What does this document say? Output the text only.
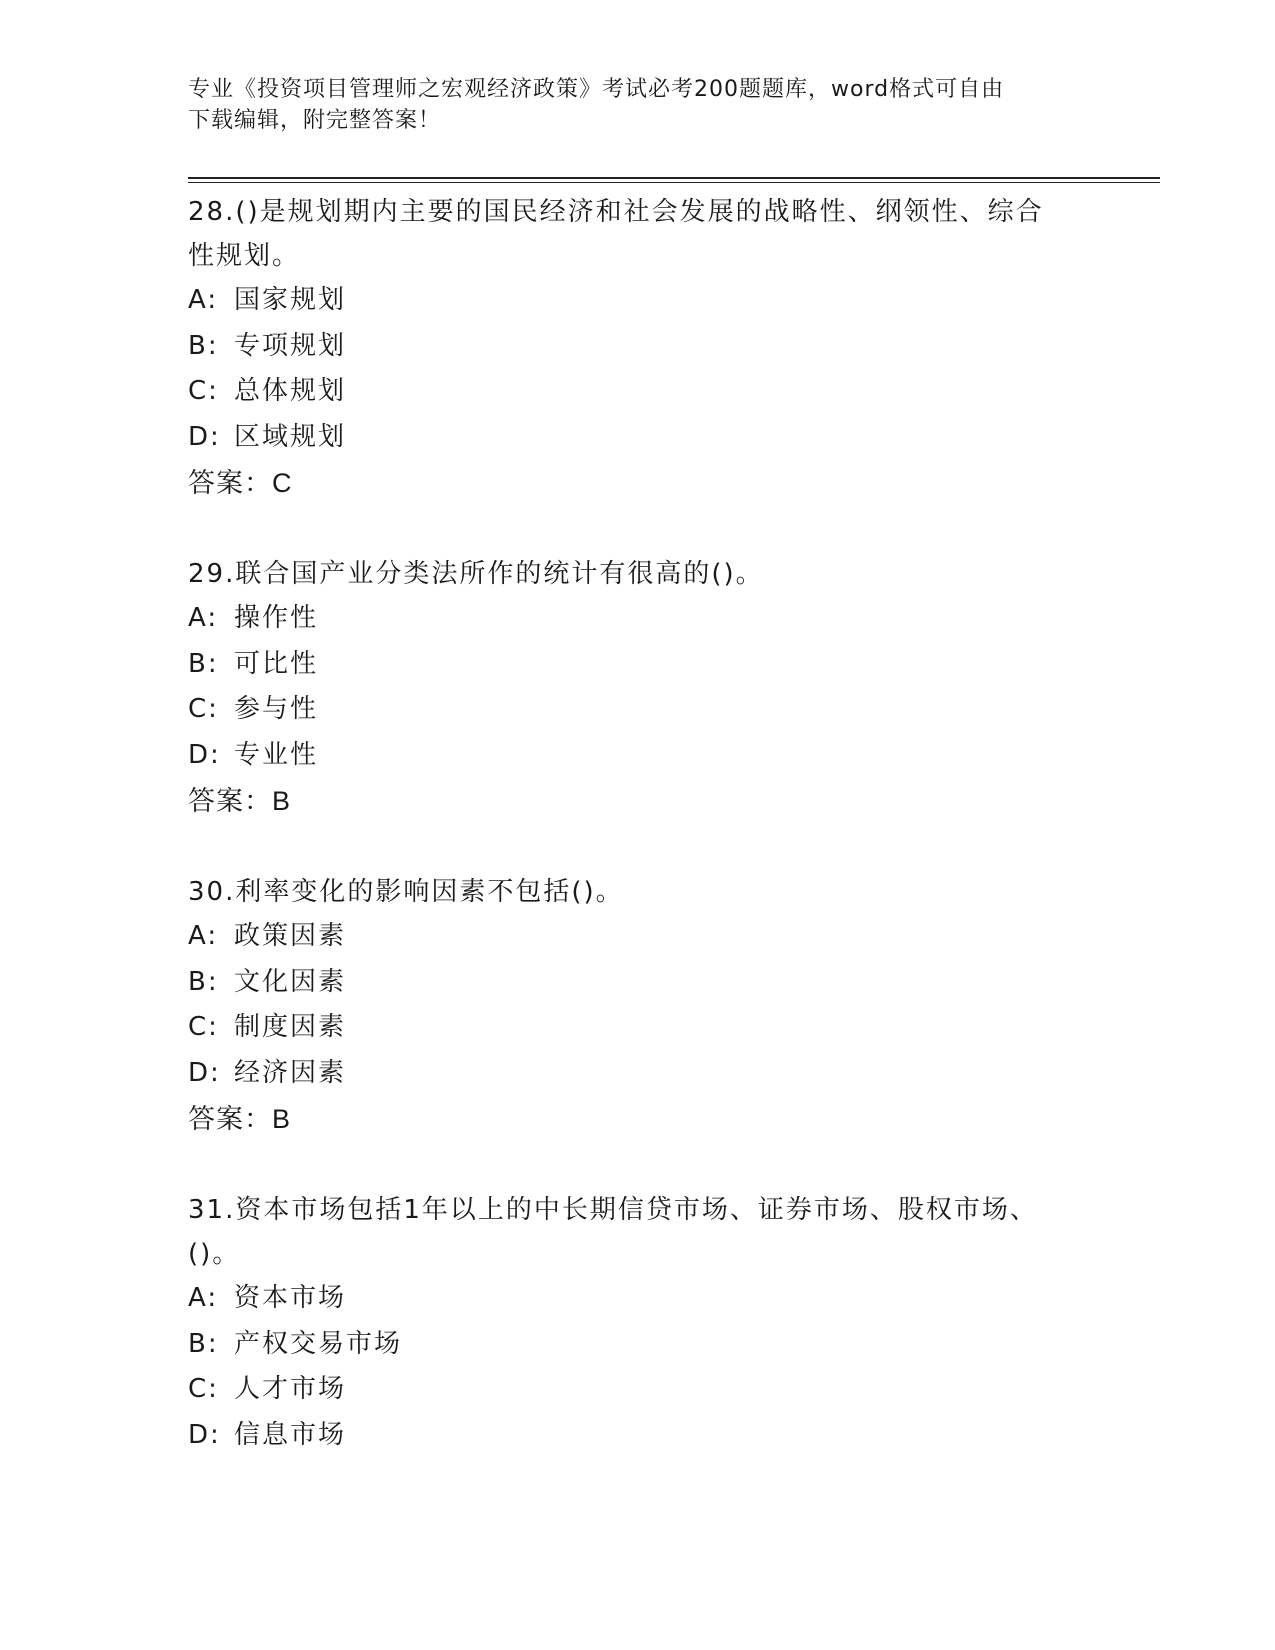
专业《投资项目管理师之宏观经济政策》考试必考200题题库，word格式可自由
下载编辑，附完整答案！
28.()是规划期内主要的国民经济和社会发展的战略性、纲领性、综合
性规划。
A: 国家规划
B: 专项规划
C: 总体规划
D: 区域规划
答案：C
29.联合国产业分类法所作的统计有很高的()。
A: 操作性
B: 可比性
C: 参与性
D: 专业性
答案：B
30.利率变化的影响因素不包括()。
A: 政策因素
B: 文化因素
C: 制度因素
D: 经济因素
答案：B
31.资本市场包括1年以上的中长期信贷市场、证券市场、股权市场、
()。
A: 资本市场
B: 产权交易市场
C: 人才市场
D: 信息市场
